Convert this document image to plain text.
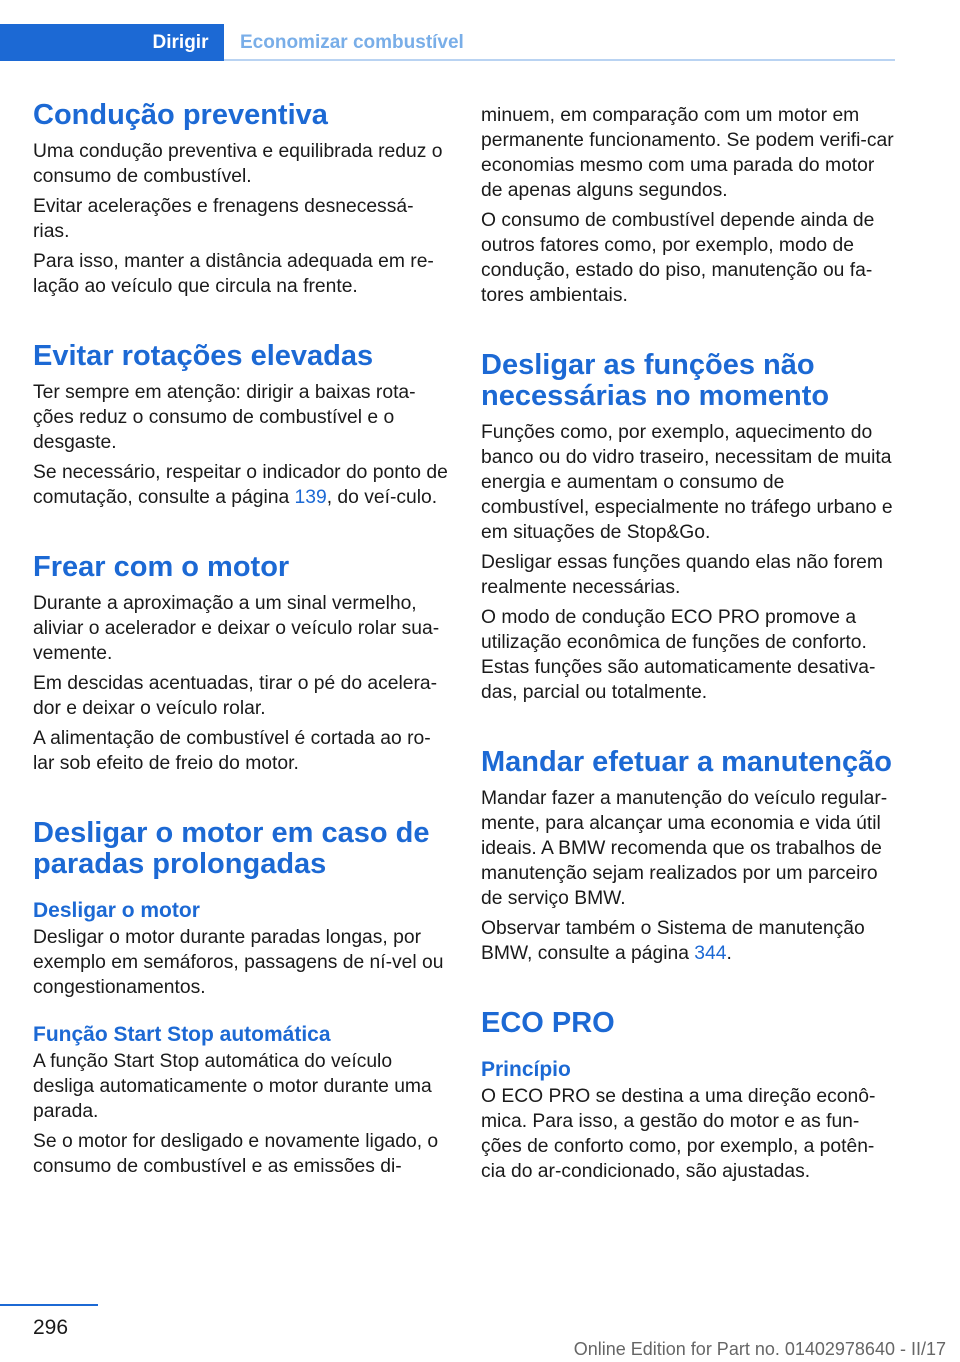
Dirigir	Economizar combustível
Condução preventiva

Uma condução preventiva e equilibrada reduz o consumo de combustível.

Evitar acelerações e frenagens desnecessá-rias.

Para isso, manter a distância adequada em re-lação ao veículo que circula na frente.

Evitar rotações elevadas

Ter sempre em atenção: dirigir a baixas rota-ções reduz o consumo de combustível e o desgaste.

Se necessário, respeitar o indicador do ponto de comutação, consulte a página 139, do veí-culo.

Frear com o motor

Durante a aproximação a um sinal vermelho, aliviar o acelerador e deixar o veículo rolar sua-vemente.

Em descidas acentuadas, tirar o pé do acelera-dor e deixar o veículo rolar.

A alimentação de combustível é cortada ao ro-lar sob efeito de freio do motor.

Desligar o motor em caso de paradas prolongadas
Desligar o motor

Desligar o motor durante paradas longas, por exemplo em semáforos, passagens de ní-vel ou congestionamentos.

Função Start Stop automática

A função Start Stop automática do veículo desliga automaticamente o motor durante uma parada.

Se o motor for desligado e novamente ligado, o consumo de combustível e as emissões di-

minuem, em comparação com um motor em permanente funcionamento. Se podem verifi-car economias mesmo com uma parada do motor de apenas alguns segundos.

O consumo de combustível depende ainda de outros fatores como, por exemplo, modo de condução, estado do piso, manutenção ou fa-tores ambientais.

Desligar as funções não necessárias no momento

Funções como, por exemplo, aquecimento do banco ou do vidro traseiro, necessitam de muita energia e aumentam o consumo de combustível, especialmente no tráfego urbano e em situações de Stop&Go.

Desligar essas funções quando elas não forem realmente necessárias.

O modo de condução ECO PRO promove a utilização econômica de funções de conforto. Estas funções são automaticamente desativa-das, parcial ou totalmente.

Mandar efetuar a manutenção

Mandar fazer a manutenção do veículo regular-mente, para alcançar uma economia e vida útil ideais. A BMW recomenda que os trabalhos de manutenção sejam realizados por um parceiro de serviço BMW.

Observar também o Sistema de manutenção BMW, consulte a página 344.

ECO PRO
Princípio

O ECO PRO se destina a uma direção econô-mica. Para isso, a gestão do motor e as fun-ções de conforto como, por exemplo, a potên-cia do ar-condicionado, são ajustadas.

296
Online Edition for Part no. 01402978640 - II/17
